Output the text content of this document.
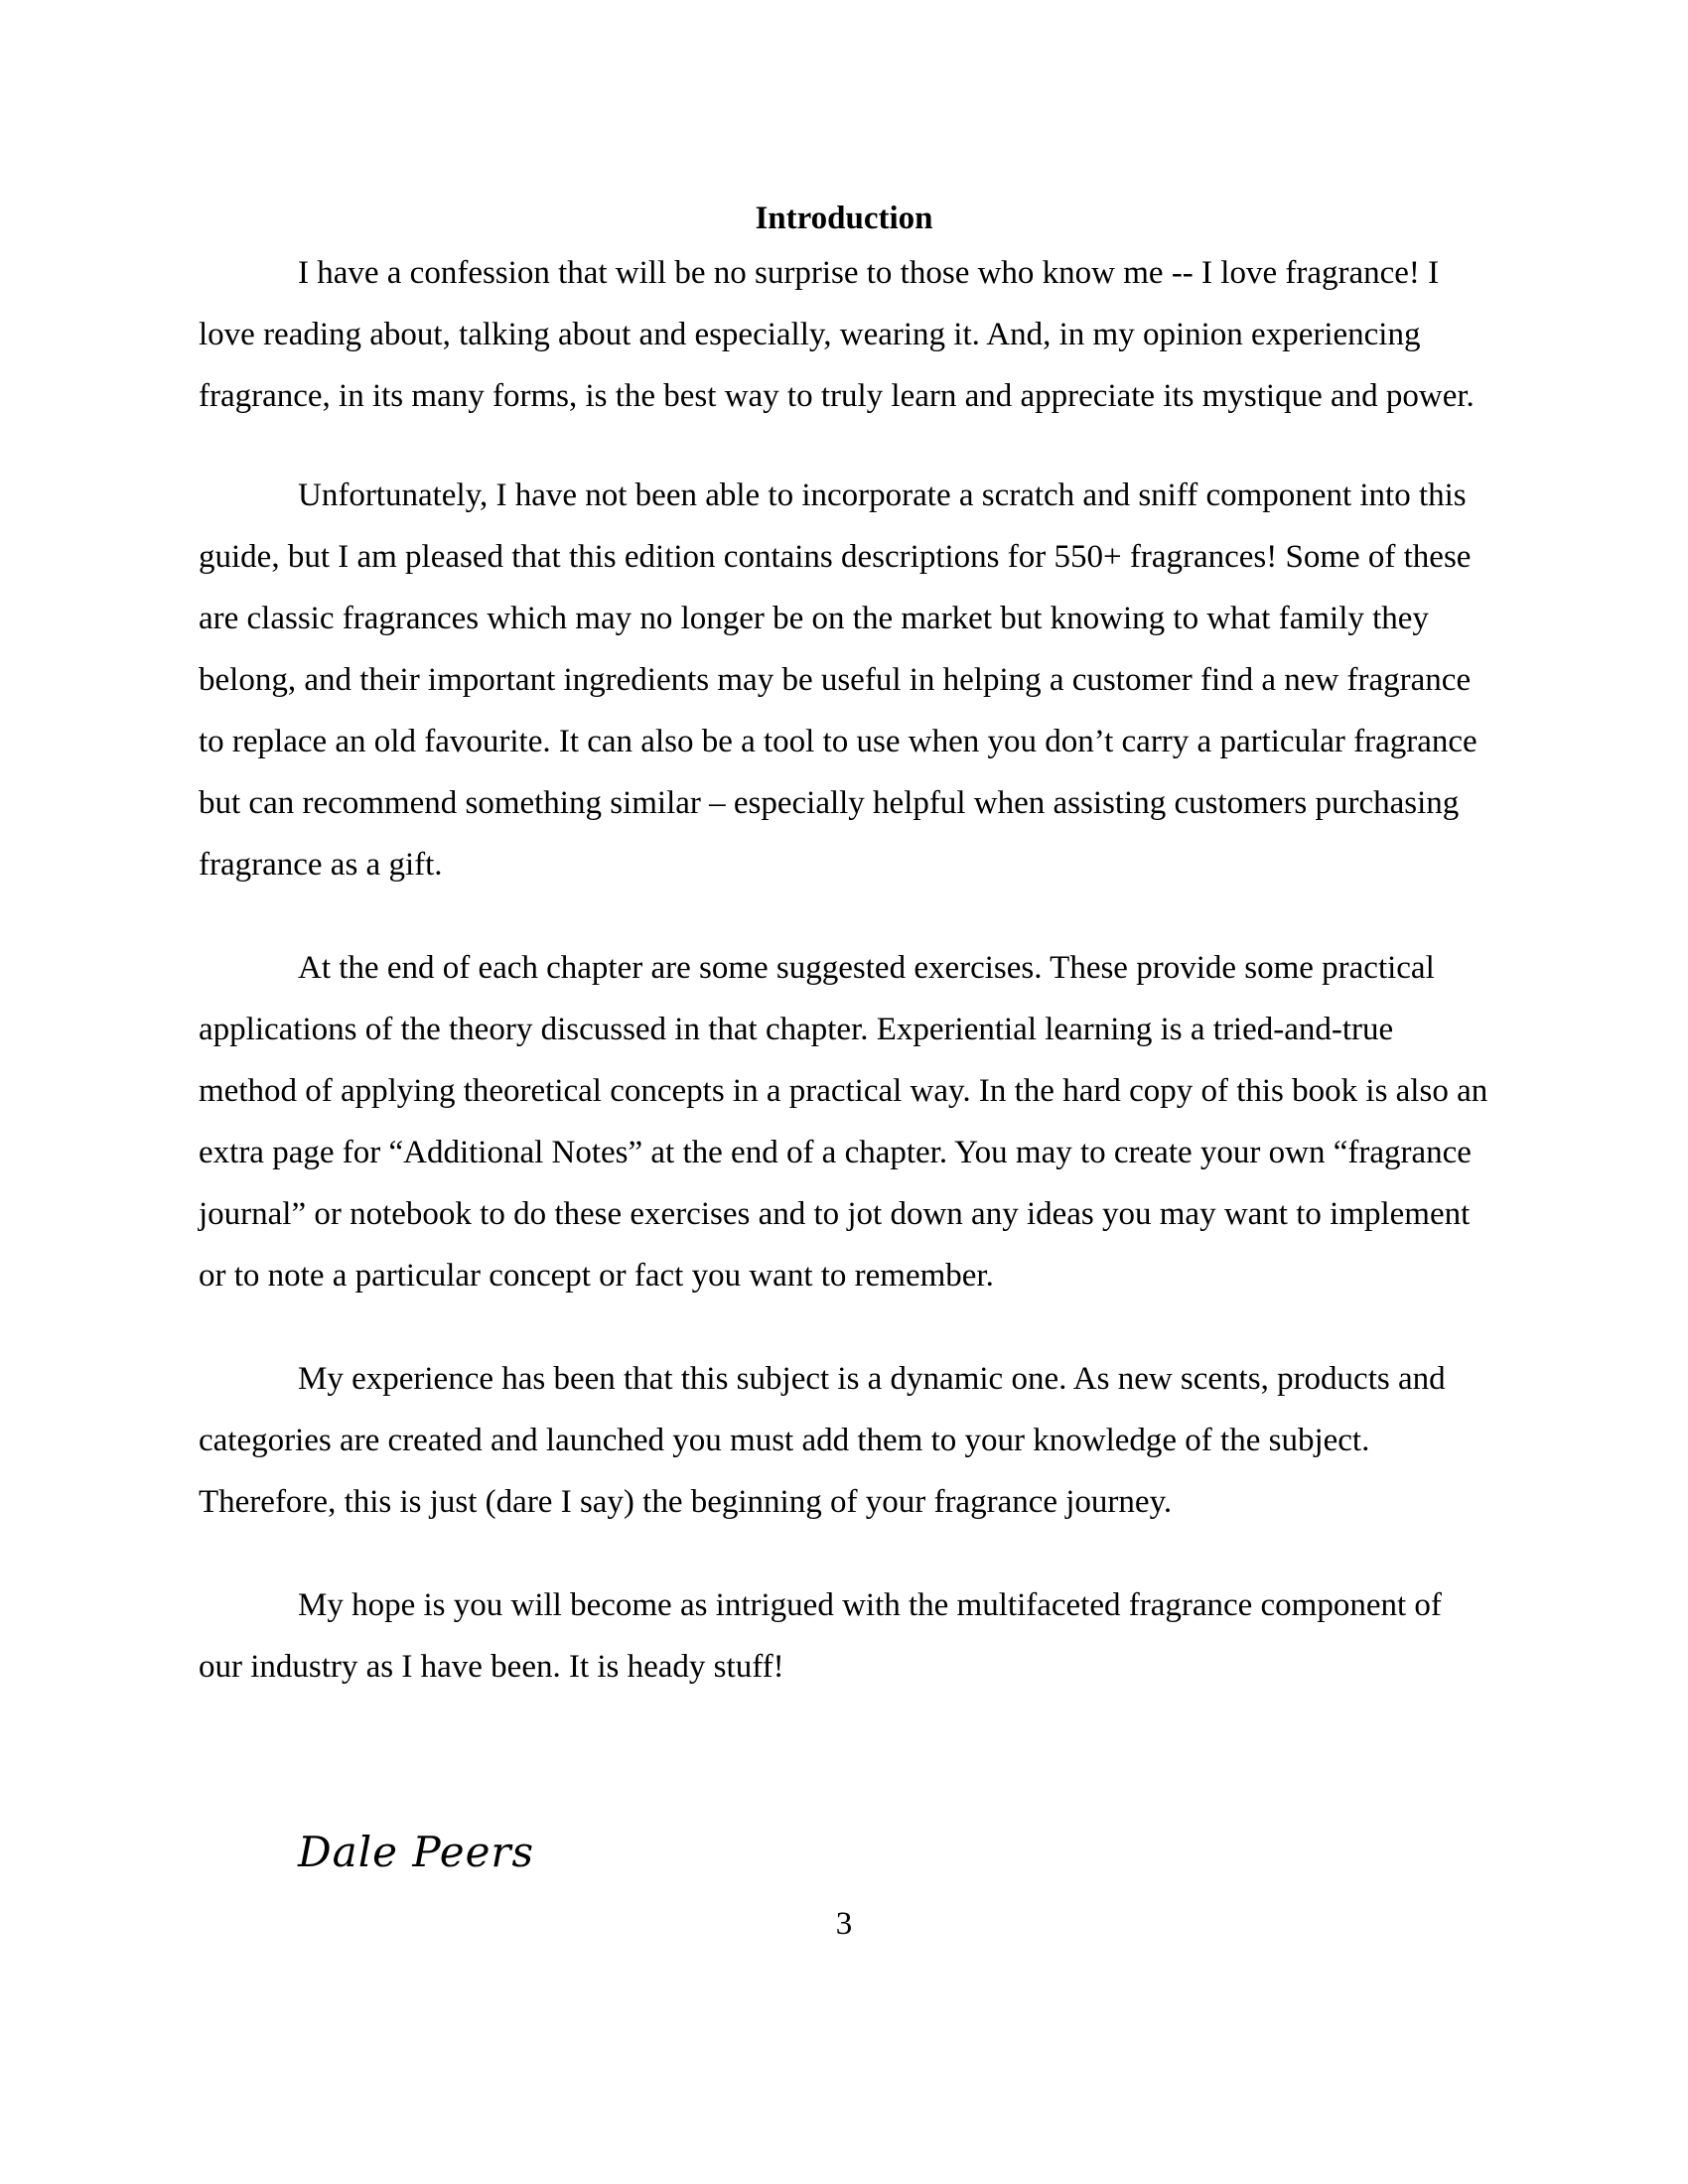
Introduction

I have a confession that will be no surprise to those who know me -- I love fragrance! I love reading about, talking about and especially, wearing it. And, in my opinion experiencing fragrance, in its many forms, is the best way to truly learn and appreciate its mystique and power.

Unfortunately, I have not been able to incorporate a scratch and sniff component into this guide, but I am pleased that this edition contains descriptions for 550+ fragrances! Some of these are classic fragrances which may no longer be on the market but knowing to what family they belong, and their important ingredients may be useful in helping a customer find a new fragrance to replace an old favourite. It can also be a tool to use when you don’t carry a particular fragrance but can recommend something similar – especially helpful when assisting customers purchasing fragrance as a gift.

At the end of each chapter are some suggested exercises. These provide some practical applications of the theory discussed in that chapter. Experiential learning is a tried-and-true method of applying theoretical concepts in a practical way. In the hard copy of this book is also an extra page for “Additional Notes” at the end of a chapter. You may to create your own “fragrance journal” or notebook to do these exercises and to jot down any ideas you may want to implement or to note a particular concept or fact you want to remember.

My experience has been that this subject is a dynamic one. As new scents, products and categories are created and launched you must add them to your knowledge of the subject. Therefore, this is just (dare I say) the beginning of your fragrance journey.

My hope is you will become as intrigued with the multifaceted fragrance component of our industry as I have been. It is heady stuff!

Dale Peers
3
